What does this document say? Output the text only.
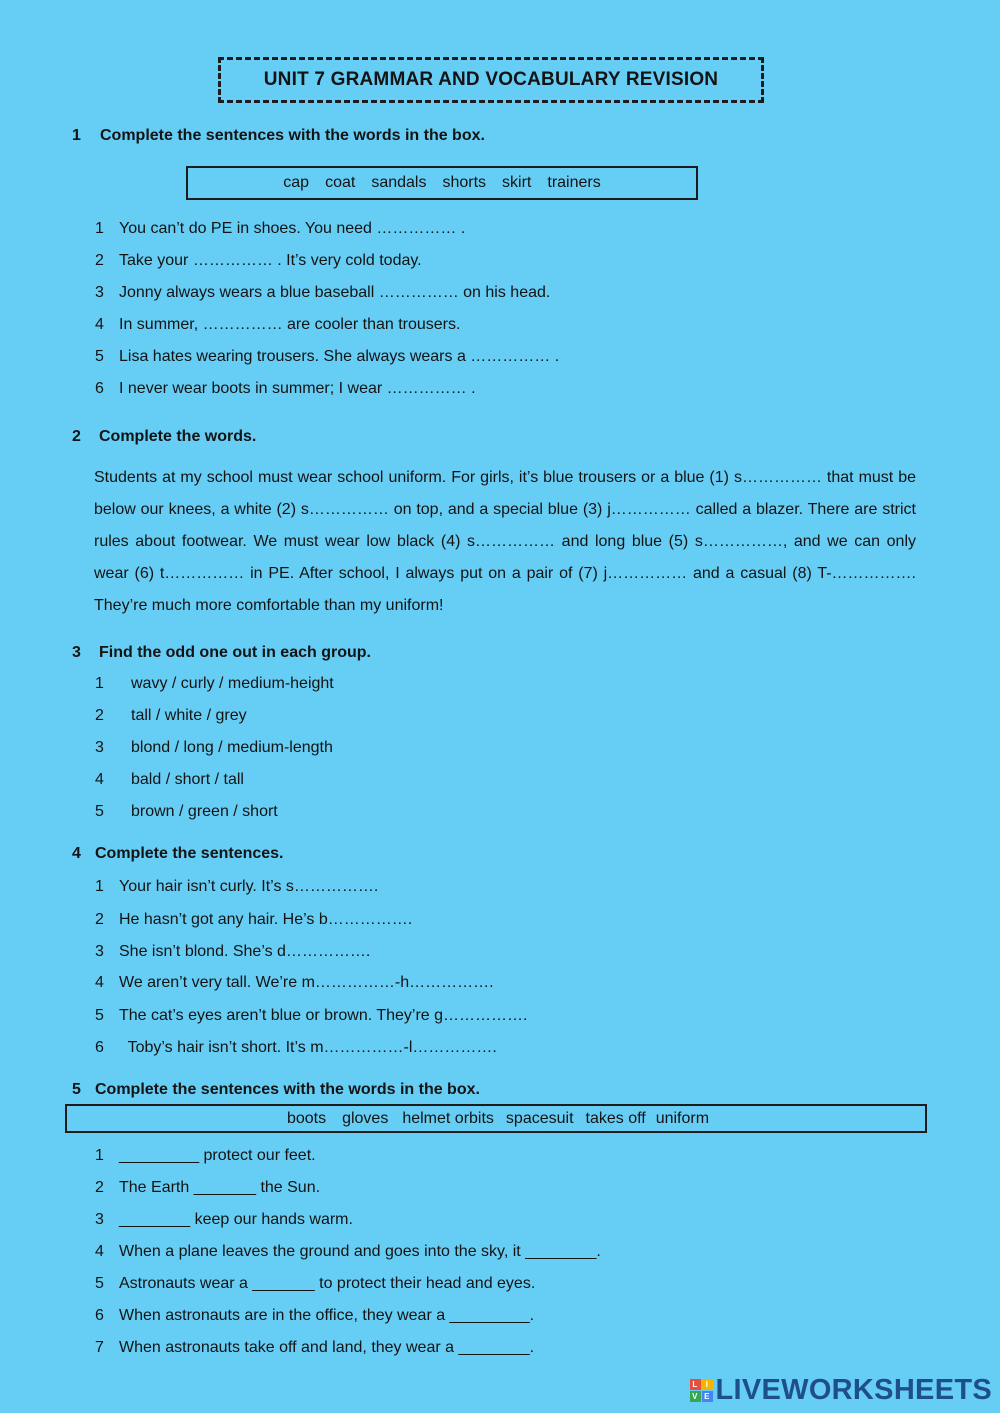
UNIT 7 GRAMMAR AND VOCABULARY REVISION
1 Complete the sentences with the words in the box.
cap coat sandals shorts skirt trainers
1 You can’t do PE in shoes. You need …………… .
2 Take your …………… . It’s very cold today.
3 Jonny always wears a blue baseball …………… on his head.
4 In summer, …………… are cooler than trousers.
5 Lisa hates wearing trousers. She always wears a …………… .
6 I never wear boots in summer; I wear …………… .
2 Complete the words.
Students at my school must wear school uniform. For girls, it’s blue trousers or a blue (1) s…………… that must be below our knees, a white (2) s…………… on top, and a special blue (3) j…………… called a blazer. There are strict rules about footwear. We must wear low black (4) s…………… and long blue (5) s……………, and we can only wear (6) t…………… in PE. After school, I always put on a pair of (7) j…………… and a casual (8) T-……………. They’re much more comfortable than my uniform!
3 Find the odd one out in each group.
1 wavy / curly / medium-height
2 tall / white / grey
3 blond / long / medium-length
4 bald / short / tall
5 brown / green / short
4 Complete the sentences.
1 Your hair isn’t curly. It’s s…………….
2 He hasn’t got any hair. He’s b…………….
3 She isn’t blond. She’s d…………….
4 We aren’t very tall. We’re m……………-h…………….
5 The cat’s eyes aren’t blue or brown. They’re g…………….
6  Toby’s hair isn’t short. It’s m……………-l…………….
5 Complete the sentences with the words in the box.
boots gloves helmet orbits spacesuit takes off uniform
1 _________ protect our feet.
2 The Earth _______ the Sun.
3 ________ keep our hands warm.
4 When a plane leaves the ground and goes into the sky, it ________.
5 Astronauts wear a _______ to protect their head and eyes.
6 When astronauts are in the office, they wear a _________.
7 When astronauts take off and land, they wear a ________.
L	I
V E LIVEWORKSHEETS
